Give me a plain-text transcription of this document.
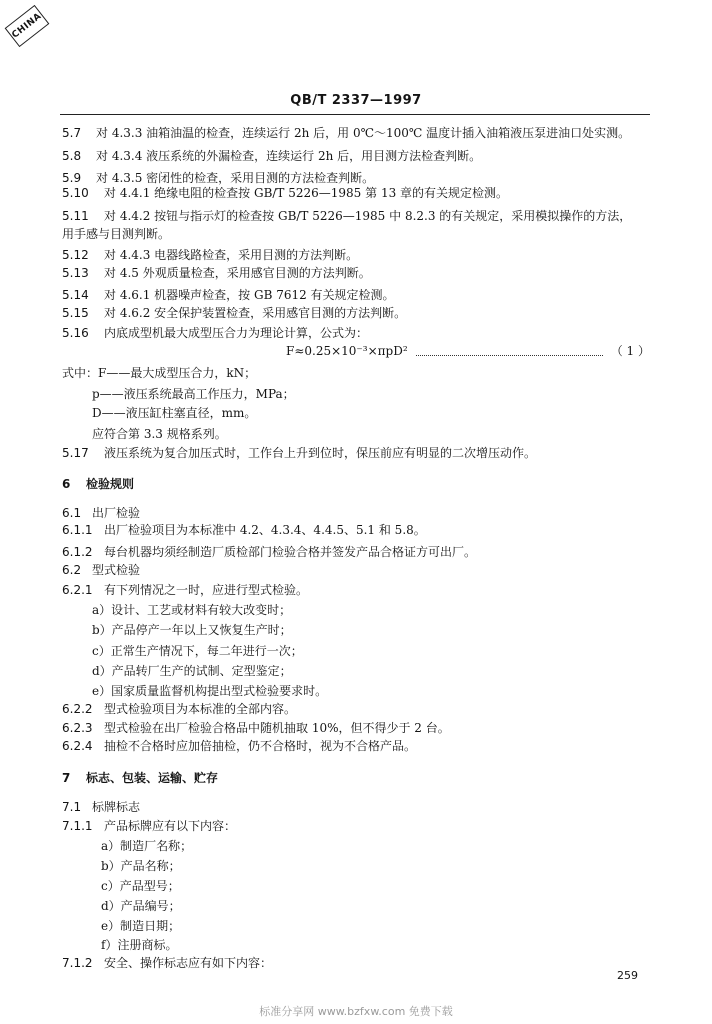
CHINA
QB/T 2337—1997
5.7 对 4.3.3 油箱油温的检查，连续运行 2h 后，用 0℃～100℃ 温度计插入油箱液压泵进油口处实测。
5.8 对 4.3.4 液压系统的外漏检查，连续运行 2h 后，用目测方法检查判断。
5.9 对 4.3.5 密闭性的检查，采用目测的方法检查判断。
5.10 对 4.4.1 绝缘电阻的检查按 GB/T 5226—1985 第 13 章的有关规定检测。
5.11 对 4.4.2 按钮与指示灯的检查按 GB/T 5226—1985 中 8.2.3 的有关规定，采用模拟操作的方法，
用手感与目测判断。
5.12 对 4.4.3 电器线路检查，采用目测的方法判断。
5.13 对 4.5 外观质量检查，采用感官目测的方法判断。
5.14 对 4.6.1 机器噪声检查，按 GB 7612 有关规定检测。
5.15 对 4.6.2 安全保护装置检查，采用感官目测的方法判断。
5.16 内底成型机最大成型压合力为理论计算，公式为：
F≈0.25×10⁻³×πpD²	（ 1 ）
式中：F——最大成型压合力，kN；
p——液压系统最高工作压力，MPa；
D——液压缸柱塞直径，mm。
应符合第 3.3 规格系列。
5.17 液压系统为复合加压式时，工作台上升到位时，保压前应有明显的二次增压动作。
6 检验规则
6.1 出厂检验
6.1.1 出厂检验项目为本标准中 4.2、4.3.4、4.4.5、5.1 和 5.8。
6.1.2 每台机器均须经制造厂质检部门检验合格并签发产品合格证方可出厂。
6.2 型式检验
6.2.1 有下列情况之一时，应进行型式检验。
a）设计、工艺或材料有较大改变时；
b）产品停产一年以上又恢复生产时；
c）正常生产情况下，每二年进行一次；
d）产品转厂生产的试制、定型鉴定；
e）国家质量监督机构提出型式检验要求时。
6.2.2 型式检验项目为本标准的全部内容。
6.2.3 型式检验在出厂检验合格品中随机抽取 10%，但不得少于 2 台。
6.2.4 抽检不合格时应加倍抽检，仍不合格时，视为不合格产品。
7 标志、包装、运输、贮存
7.1 标牌标志
7.1.1 产品标牌应有以下内容：
a）制造厂名称；
b）产品名称；
c）产品型号；
d）产品编号；
e）制造日期；
f）注册商标。
7.1.2 安全、操作标志应有如下内容：
259
标准分享网 www.bzfxw.com 免费下载
